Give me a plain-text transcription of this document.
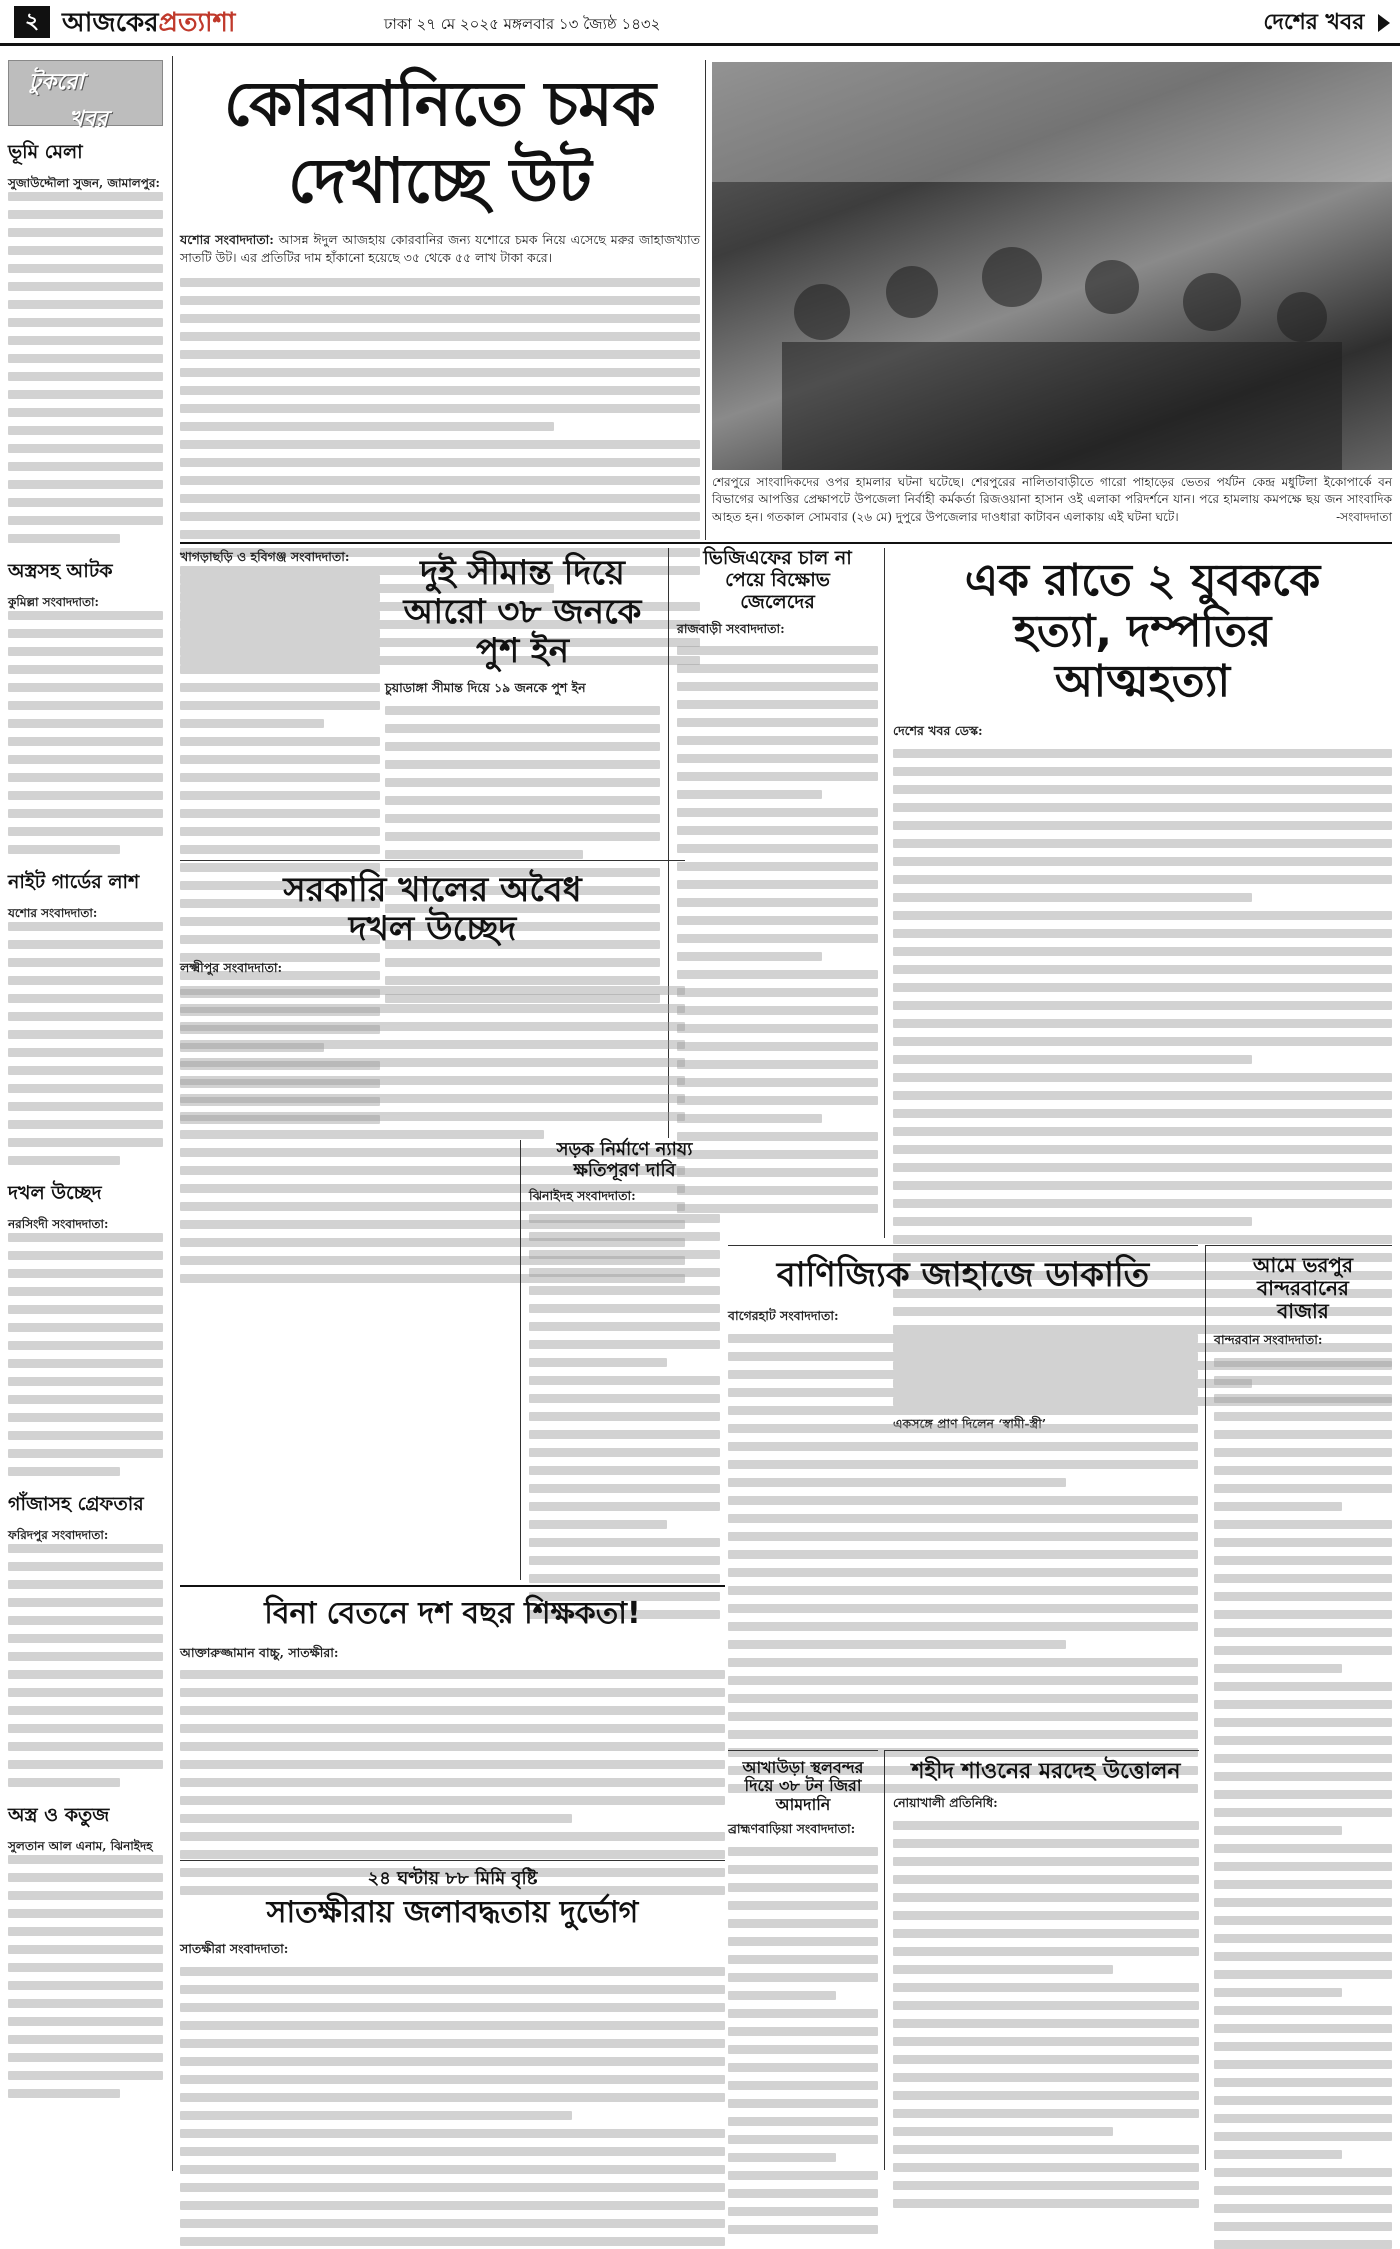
২ আজকেরপ্রত্যাশা	ঢাকা ২৭ মে ২০২৫ মঙ্গলবার ১৩ জ্যৈষ্ঠ ১৪৩২	দেশের খবর
টুকরো
খবর
ভূমি মেলা
সুজাউদ্দৌলা সুজন, জামালপুর:
অস্ত্রসহ আটক
কুমিল্লা সংবাদদাতা:
নাইট গার্ডের লাশ
যশোর সংবাদদাতা:
দখল উচ্ছেদ
নরসিংদী সংবাদদাতা:
গাঁজাসহ গ্রেফতার
ফরিদপুর সংবাদদাতা:
অস্ত্র ও কতুজ
সুলতান আল এনাম, ঝিনাইদহ
কোরবানিতে চমক
দেখাচ্ছে উট
যশোর সংবাদদাতা: আসন্ন ঈদুল আজহায় কোরবানির জন্য যশোরে চমক নিয়ে এসেছে মরুর জাহাজখ্যাত সাতটি উট। এর প্রতিটির দাম হাঁকানো হয়েছে ৩৫ থেকে ৫৫ লাখ টাকা করে।
শেরপুরে সাংবাদিকদের ওপর হামলার ঘটনা ঘটেছে। শেরপুরের নালিতাবাড়ীতে গারো পাহাড়ের ভেতর পর্যটন কেন্দ্র মধুটিলা ইকোপার্কে বন বিভাগের আপত্তির প্রেক্ষাপটে উপজেলা নির্বাহী কর্মকর্তা রিজওয়ানা হাসান ওই এলাকা পরিদর্শনে যান। পরে হামলায় কমপক্ষে ছয় জন সাংবাদিক আহত হন। গতকাল সোমবার (২৬ মে) দুপুরে উপজেলার দাওধারা কাটাবন এলাকায় এই ঘটনা ঘটে।	-সংবাদদাতা
খাগড়াছড়ি ও হবিগঞ্জ সংবাদদাতা:	দুই সীমান্ত দিয়ে
আরো ৩৮ জনকে
পুশ ইন
চুয়াডাঙ্গা সীমান্ত দিয়ে ১৯ জনকে পুশ ইন
ভিজিএফের চাল না
পেয়ে বিক্ষোভ
জেলেদের
রাজবাড়ী সংবাদদাতা:
এক রাতে ২ যুবককে
হত্যা, দম্পতির
আত্মহত্যা
দেশের খবর ডেস্ক:
একসঙ্গে প্রাণ দিলেন ‘স্বামী-স্ত্রী’
সরকারি খালের অবৈধ
দখল উচ্ছেদ
লক্ষ্মীপুর সংবাদদাতা:
সড়ক নির্মাণে ন্যায্য
ক্ষতিপূরণ দাবি
ঝিনাইদহ সংবাদদাতা:
বাণিজ্যিক জাহাজে ডাকাতি
বাগেরহাট সংবাদদাতা:
আমে ভরপুর
বান্দরবানের
বাজার
বান্দরবান সংবাদদাতা:
বিনা বেতনে দশ বছর শিক্ষকতা!
আক্তারুজ্জামান বাচ্চু, সাতক্ষীরা:
আখাউড়া স্থলবন্দর
দিয়ে ৩৮ টন জিরা
আমদানি
ব্রাহ্মণবাড়িয়া সংবাদদাতা:
শহীদ শাওনের মরদেহ উত্তোলন
নোয়াখালী প্রতিনিধি:
২৪ ঘণ্টায় ৮৮ মিমি বৃষ্টি
সাতক্ষীরায় জলাবদ্ধতায় দুর্ভোগ
সাতক্ষীরা সংবাদদাতা:
